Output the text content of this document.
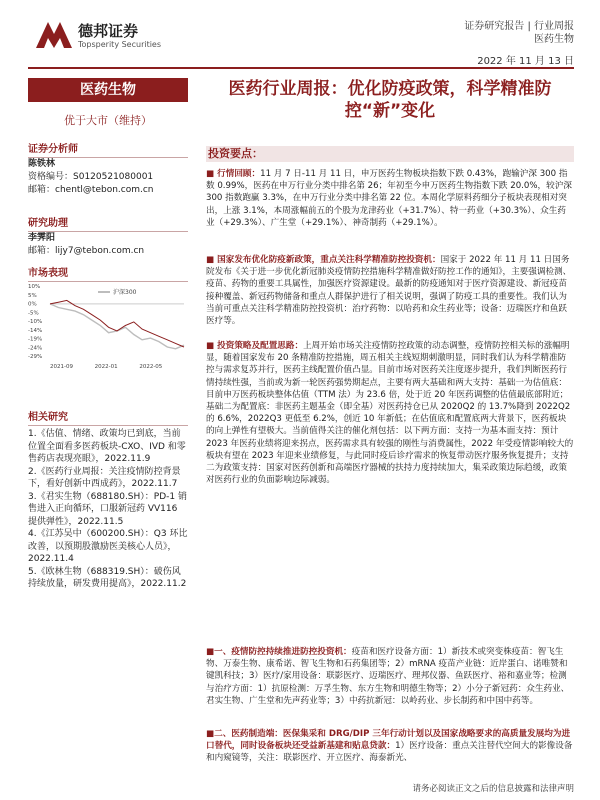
德邦证券
Topsperity Securities
证券研究报告 | 行业周报
医药生物
2022 年 11 月 13 日
医药生物
优于大市（维持）
证券分析师
陈铁林
资格编号：S0120521080001
邮箱：chentl@tebon.com.cn
研究助理
李霁阳
邮箱：lijy7@tebon.com.cn
市场表现
10%
5%
0%
-5%
-10%
-14%
-19%
-24%
-29%
沪深300
2021-09	2022-01	2022-05
相关研究

1.《估值、情绪、政策均已到底，当前位置全面看多医药板块-CXO、IVD 和零售药店表现亮眼》，2022.11.9

2.《医药行业周报：关注疫情防控背景下，看好创新中西成药》，2022.11.7

3.《君实生物（688180.SH）：PD-1 销售进入正向循环，口服新冠药 VV116 提供弹性》，2022.11.5

4.《江苏吴中（600200.SH）：Q3 环比改善，以预期股激励医美核心人员》，2022.11.4

5.《欧林生物（688319.SH）：破伤风持续放量，研发费用提高》，2022.11.2

医药行业周报：优化防疫政策，科学精准防控“新”变化
投资要点：
■ 行情回顾：11 月 7 日-11 月 11 日，申万医药生物板块指数下跌 0.43%，跑输沪深 300 指数 0.99%，医药在申万行业分类中排名第 26；年初至今申万医药生物指数下跌 20.0%，较沪深 300 指数跑赢 3.3%，在申万行业分类中排名第 22 位。本周化学原料药细分子板块表现相对突出，上涨 3.1%，本周涨幅前五的个股为龙津药业（+31.7%）、特一药业（+30.3%）、众生药业（+29.3%）、广生堂（+29.1%）、神奇制药（+29.1%）。
■ 国家发布优化防疫新政策，重点关注科学精准防控投资机：国家于 2022 年 11 月 11 日国务院发布《关于进一步优化新冠肺炎疫情防控措施科学精准做好防控工作的通知》，主要强调检测、疫苗、药物的重要工具属性，加强医疗资源建设。最新的防疫通知对于医疗资源建设、新冠疫苗接种覆盖、新冠药物储备和重点人群保护进行了相关说明，强调了防疫工具的重要性。我们认为当前可重点关注科学精准防控投资机：治疗药物：以哈药和众生药业等；设备：迈瑞医疗和鱼跃医疗等。
■ 投资策略及配置思路：上周开始市场关注疫情防控政策的动态调整，疫情防控相关标的涨幅明显，随着国家发布 20 条精准防控措施，周五相关主线短期刺激明显，同时我们认为科学精准防控与需求复苏并行，医药主线配置价值凸显。目前市场对医药关注度逐步提升，我们判断医药行情持续性强，当前或为新一轮医药强势期起点，主要有两大基础和两大支持：基础一为估值底：目前申万医药板块整体估值（TTM 法）为 23.6 倍，处于近 20 年医药调整的估值最底部附近；基础二为配置底：非医药主题基金（即全基）对医药持仓已从 2020Q2 的 13.7%降到 2022Q2 的 6.6%，2022Q3 更低至 6.2%，创近 10 年新低；在估值底和配置底两大背景下，医药板块的向上弹性有望极大。当前值得关注的催化剂包括：以下两方面：支持一为基本面支持：预计 2023 年医药业绩将迎来拐点，医药需求具有较强的刚性与消费属性，2022 年受疫情影响较大的板块有望在 2023 年迎来业绩修复，与此同时疫后诊疗需求的恢复带动医疗服务恢复提升；支持二为政策支持：国家对医药创新和高端医疗器械的扶持力度持续加大，集采政策边际趋缓，政策对医药行业的负面影响边际减弱。
■一、疫情防控持续推进防控投资机：疫苗和医疗设备方面：1）新技术或突变株疫苗：智飞生物、万泰生物、康希诺、智飞生物和石药集团等；2）mRNA 疫苗产业链：近岸蛋白、诺唯赞和键凯科技；3）医疗/家用设备：联影医疗、迈瑞医疗、理邦仪器、鱼跃医疗、裕和嘉业等；检测与治疗方面：1）抗原检测：万孚生物、东方生物和明德生物等；2）小分子新冠药：众生药业、君实生物、广生堂和先声药业等；3）中药抗新冠：以岭药业、步长制药和中国中药等。
■二、医药制造端：医保集采和 DRG/DIP 三年行动计划以及国家战略要求的高质量发展均为进口替代，同时设备板块还受益新基建和贴息贷款：1）医疗设备：重点关注替代空间大的影像设备和内窥镜等，关注：联影医疗、开立医疗、海泰新光、
请务必阅读正文之后的信息披露和法律声明
